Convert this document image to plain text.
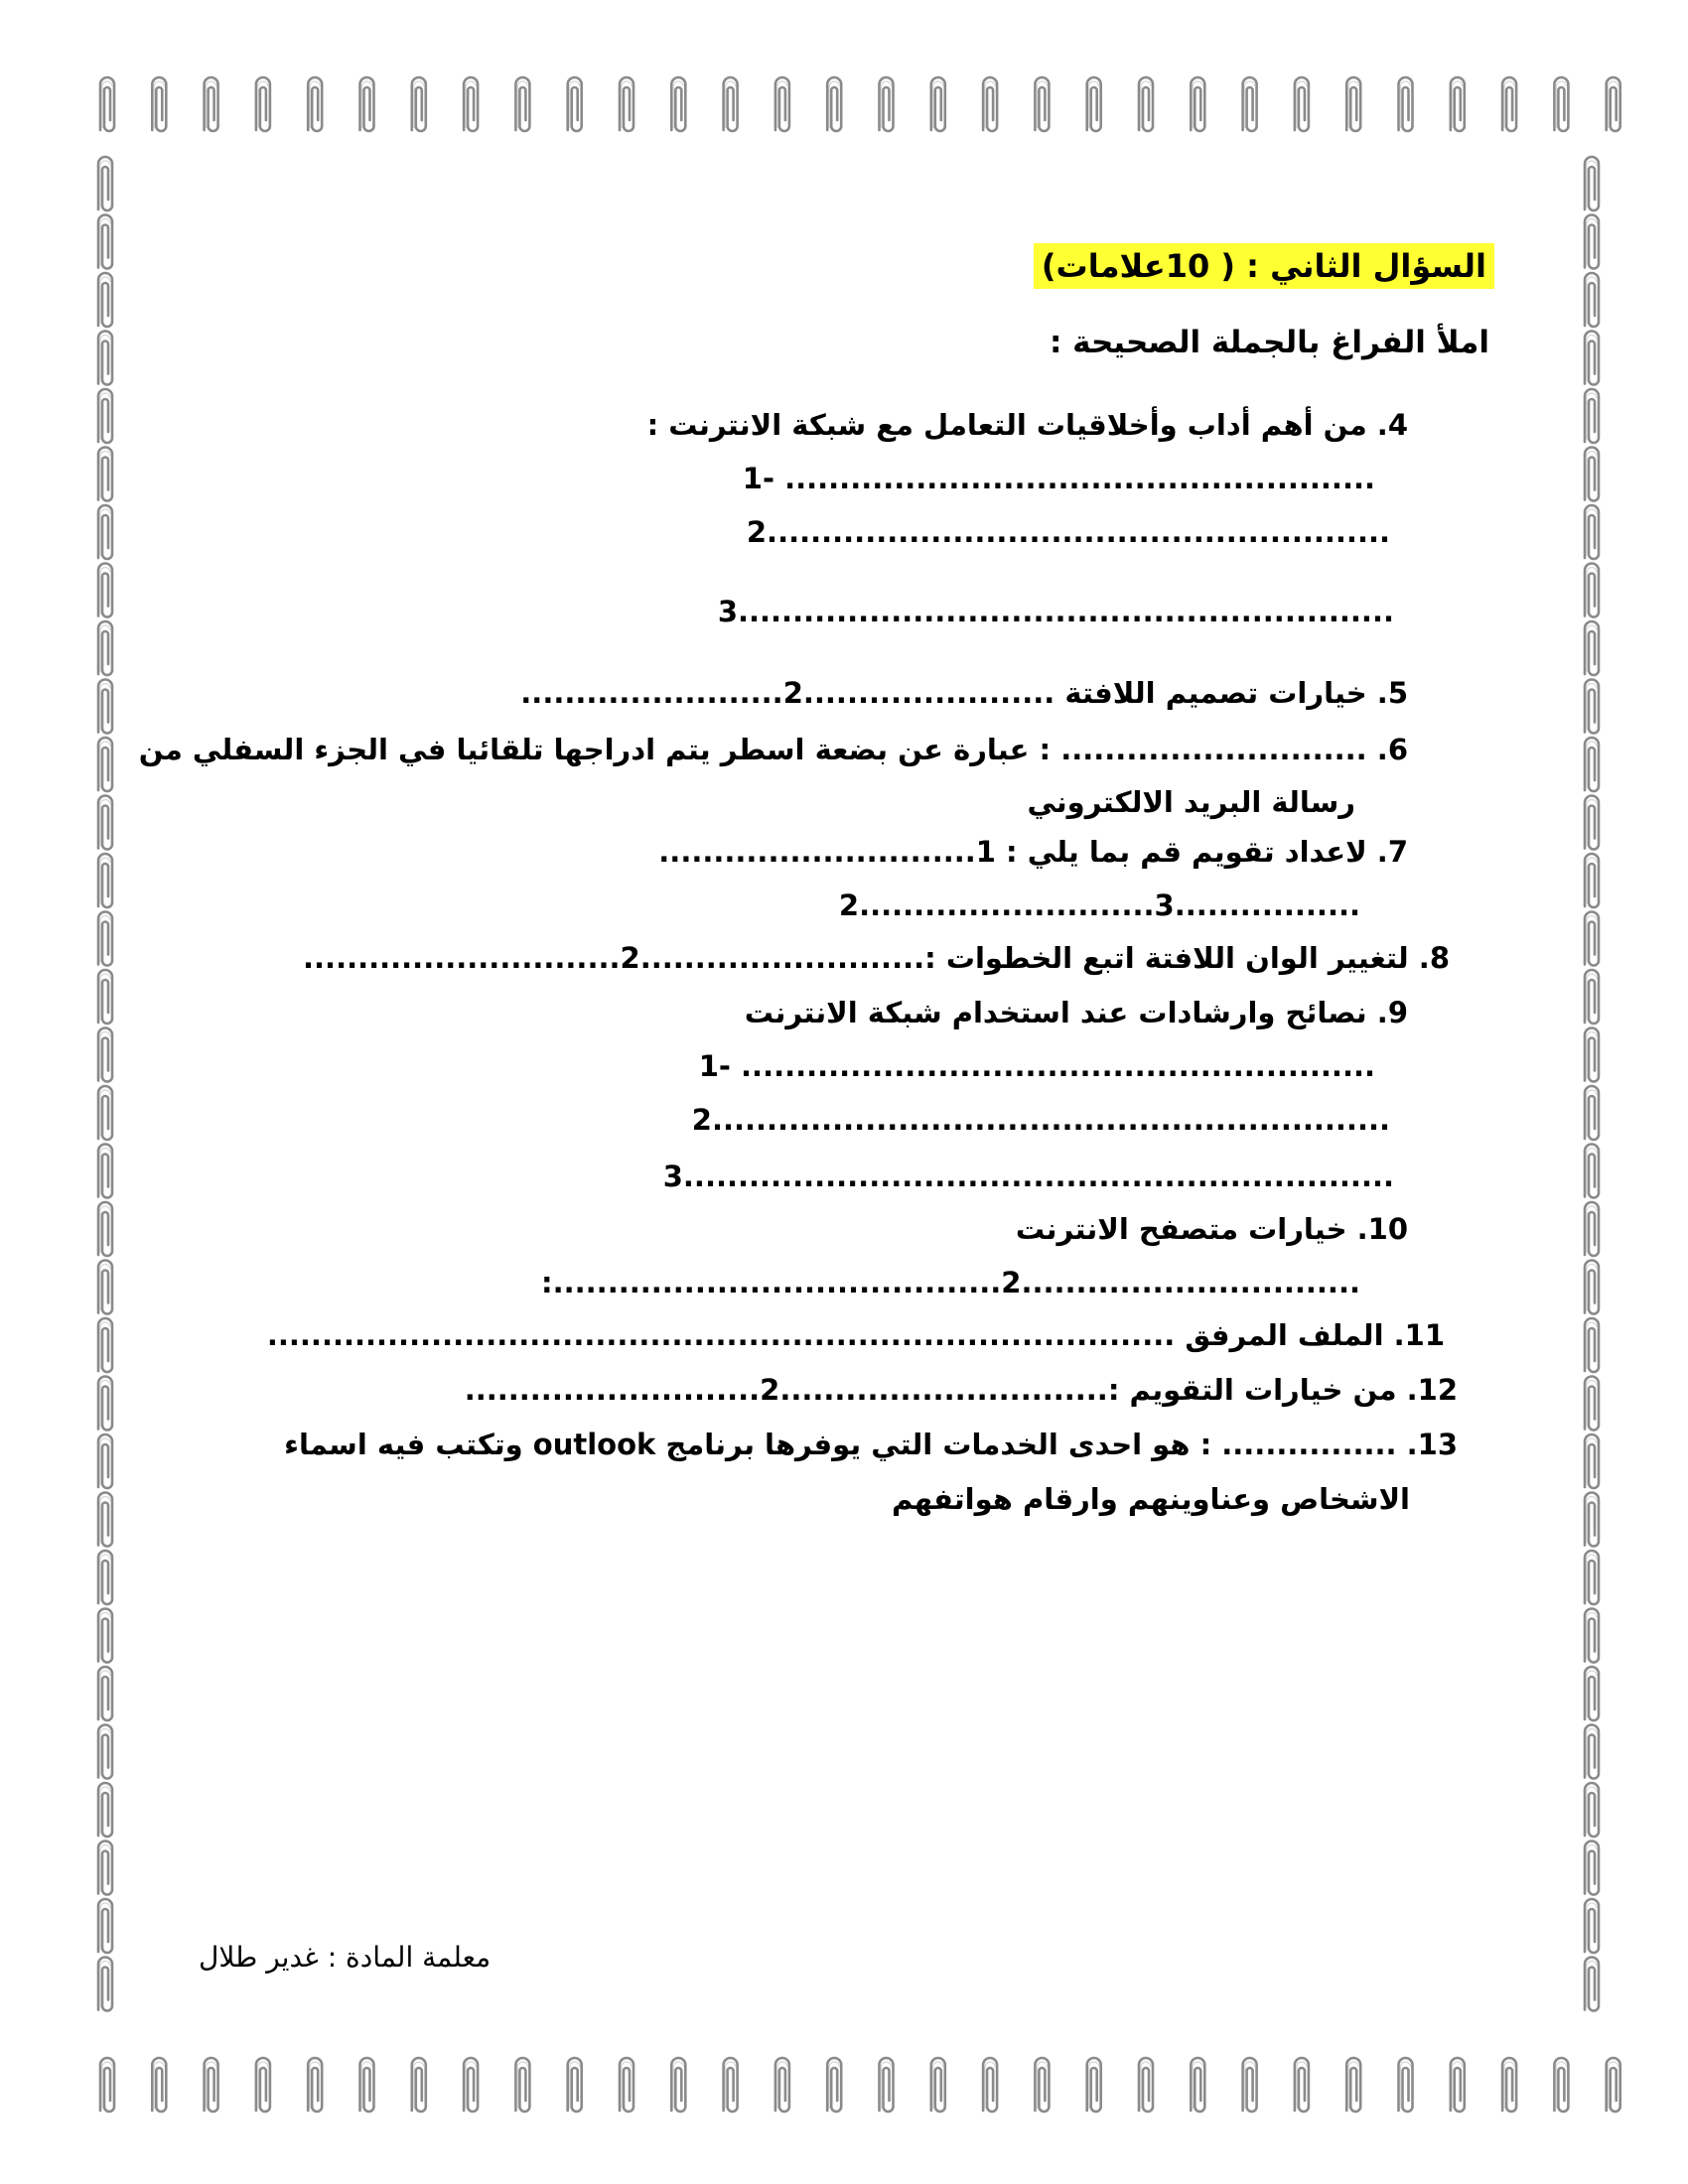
السؤال الثاني : ( 10علامات)
املأ الفراغ بالجملة الصحيحة :
4. من أهم أداب وأخلاقيات التعامل مع شبكة الانترنت :
1- ......................................................
2.........................................................
3............................................................
5. خيارات تصميم اللافتة .......................2........................
6. ............................ : عبارة عن بضعة اسطر يتم ادراجها تلقائيا في الجزء السفلي من
رسالة البريد الالكتروني
7. لاعداد تقويم قم بما يلي : 1.............................
2...........................3.................
8. لتغيير الوان اللافتة اتبع الخطوات :..........................2.............................
9. نصائح وارشادات عند استخدام شبكة الانترنت
1- ..........................................................
2..............................................................
3.................................................................
10. خيارات متصفح الانترنت
:.........................................2...............................
11. الملف المرفق ...................................................................................
12. من خيارات التقويم :..............................2...........................
13. ................ : هو احدى الخدمات التي يوفرها برنامج outlook وتكتب فيه اسماء
الاشخاص وعناوينهم وارقام هواتفهم
معلمة المادة : غدير طلال
